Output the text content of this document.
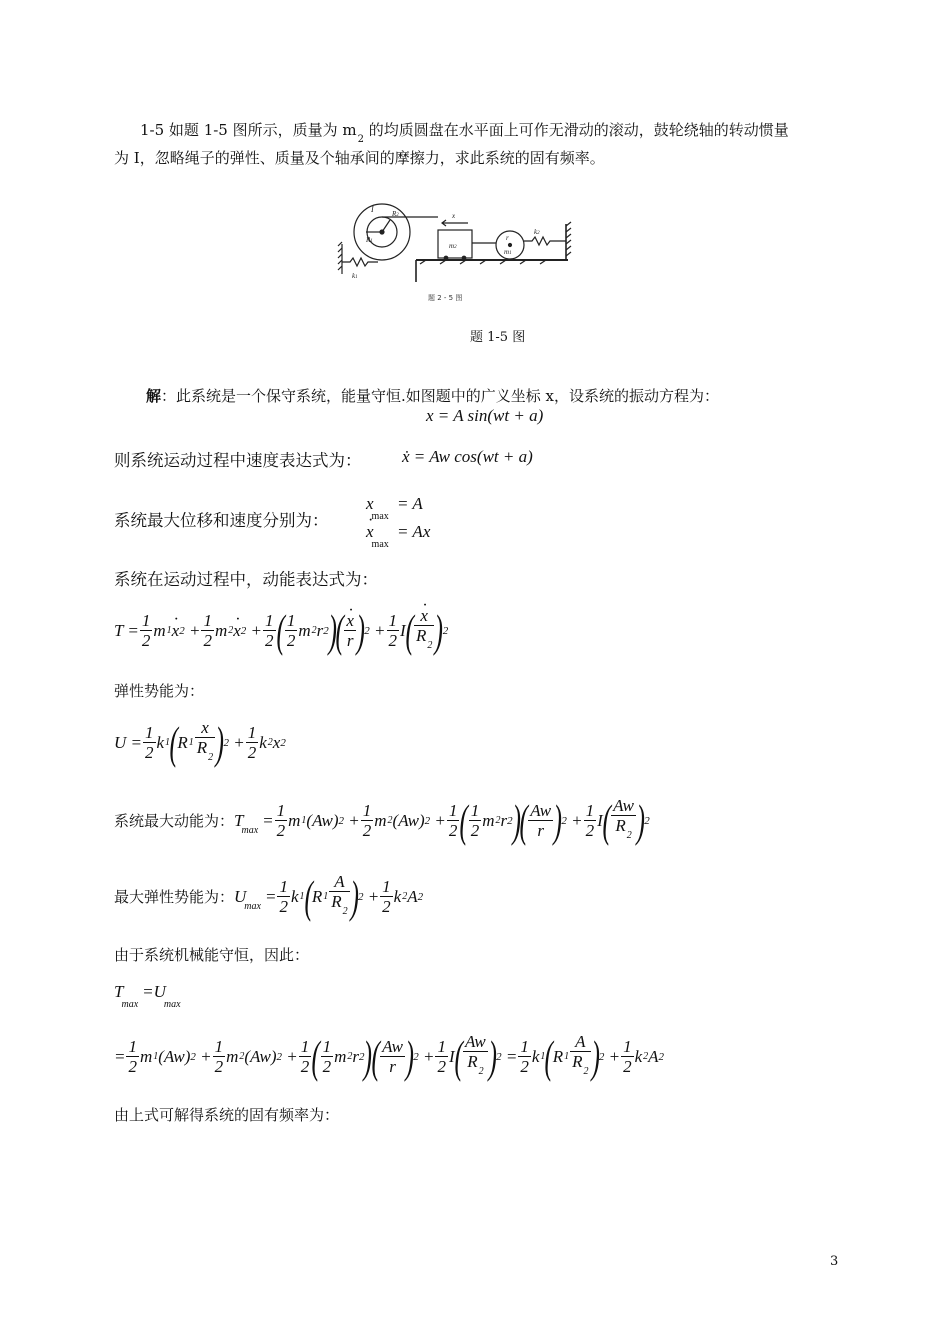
1-5 如题 1-5 图所示，质量为 $m_2$ 的均质圆盘在水平面上可作无滑动的滚动，鼓轮绕轴的转动惯量
为 I，忽略绳子的弹性、质量及个轴承间的摩擦力，求此系统的固有频率。
I	R2
R1
x
m2
r
m1
k1
k2
题 2 - 5 图
题 1-5 图
解：此系统是一个保守系统，能量守恒.如图题中的广义坐标 x，设系统的振动方程为：
x = A sin(wt + a)
则系统运动过程中速度表达式为： ẋ = Aw cos(wt + a)
系统最大位移和速度分别为：
$x_{max} = A$
· $x_{max} = Ax$
系统在运动过程中，动能表达式为：
$T = \frac{1}{2}$ m 1 · x $2 + \frac{1}{2}$ m 2 · x $2 + \frac{1}{2}$ ( $\frac{1}{2}$ m 2 r 2 )
( · $\frac{x}{r}$ ) $2 + \frac{1}{2}$ I ( · $\frac{x}{R_2}$ ) 2
弹性势能为：
$U = \frac{1}{2}$ k 1 ( R $1 \frac{x}{R_2}$ ) $2 + \frac{1}{2}$ k 2 x 2
系统最大动能为： T
max
= $\frac{1}{2}$ m 1 (Aw) $2 + \frac{1}{2}$ m 2 (Aw) $2 + \frac{1}{2}$ ( $\frac{1}{2}$ m 2 r 2 )
( $\frac{Aw}{r}$ ) $2 + \frac{1}{2}$ I ( $\frac{Aw}{R_2}$ ) 2
最大弹性势能为： U
max
= $\frac{1}{2}$ k 1 ( R $1 \frac{A}{R_2}$ ) $2 + \frac{1}{2}$ k 2 A 2
由于系统机械能守恒，因此：
$T_{max}=U_{max}$
= $\frac{1}{2}$ m 1 (Aw) $2 + \frac{1}{2}$ m 2 (Aw) $2 + \frac{1}{2}$ ( $\frac{1}{2}$ m 2 r 2 )
( $\frac{Aw}{r}$ ) $2 + \frac{1}{2}$ I ( $\frac{Aw}{R_2}$ ) $2 = \frac{1}{2}$ k 1 ( R $1 \frac{A}{R_2}$ ) $2 + \frac{1}{2}$ k 2 A 2
由上式可解得系统的固有频率为：
3
